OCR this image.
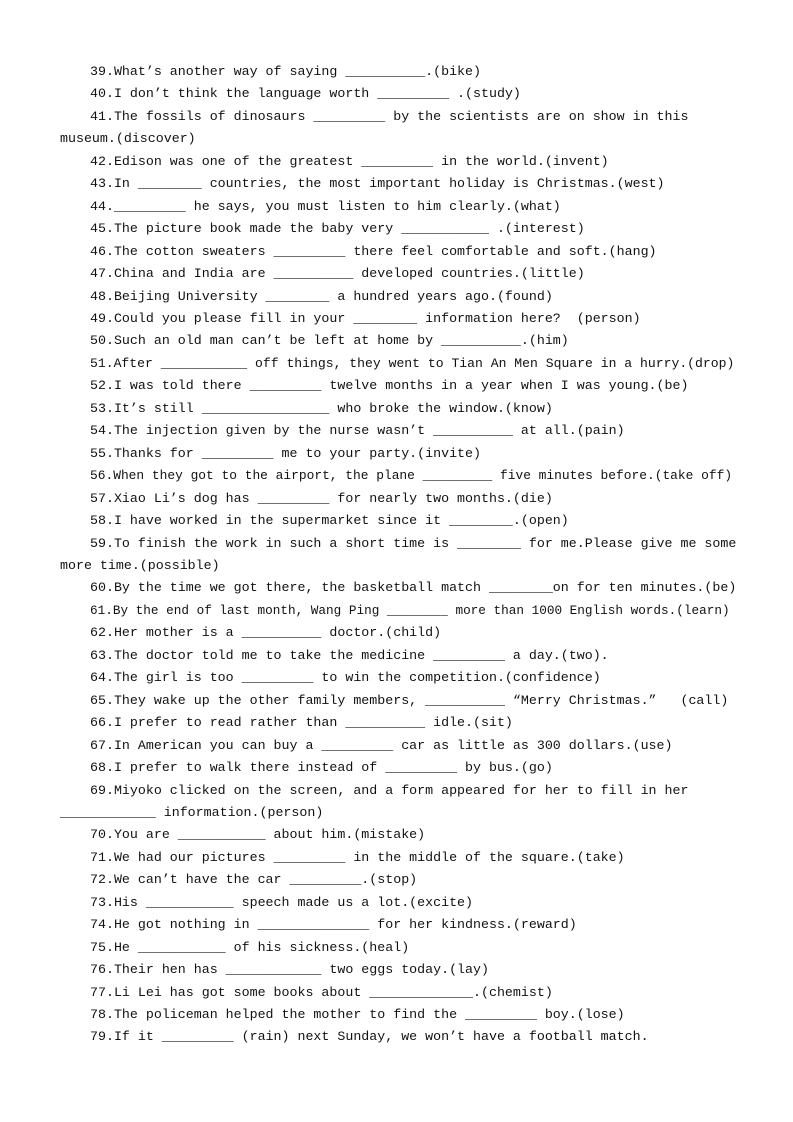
39.What’s another way of saying __________.(bike)

40.I don’t think the language worth _________ .(study)

41.The fossils of dinosaurs _________ by the scientists are on show in this

museum.(discover)

42.Edison was one of the greatest _________ in the world.(invent)

43.In ________ countries, the most important holiday is Christmas.(west)

44._________ he says, you must listen to him clearly.(what)

45.The picture book made the baby very ___________ .(interest)

46.The cotton sweaters _________ there feel comfortable and soft.(hang)

47.China and India are __________ developed countries.(little)

48.Beijing University ________ a hundred years ago.(found)

49.Could you please fill in your ________ information here?  (person)

50.Such an old man can’t be left at home by __________.(him)

51.After ___________ off things, they went to Tian An Men Square in a hurry.(drop)

52.I was told there _________ twelve months in a year when I was young.(be)

53.It’s still ________________ who broke the window.(know)

54.The injection given by the nurse wasn’t __________ at all.(pain)

55.Thanks for _________ me to your party.(invite)

56.When they got to the airport, the plane _________ five minutes before.(take off)

57.Xiao Li’s dog has _________ for nearly two months.(die)

58.I have worked in the supermarket since it ________.(open)

59.To finish the work in such a short time is ________ for me.Please give me some

more time.(possible)

60.By the time we got there, the basketball match ________on for ten minutes.(be)

61.By the end of last month, Wang Ping ________ more than 1000 English words.(learn)

62.Her mother is a __________ doctor.(child)

63.The doctor told me to take the medicine _________ a day.(two).

64.The girl is too _________ to win the competition.(confidence)

65.They wake up the other family members, __________ “Merry Christmas.”   (call)

66.I prefer to read rather than __________ idle.(sit)

67.In American you can buy a _________ car as little as 300 dollars.(use)

68.I prefer to walk there instead of _________ by bus.(go)

69.Miyoko clicked on the screen, and a form appeared for her to fill in her

____________ information.(person)

70.You are ___________ about him.(mistake)

71.We had our pictures _________ in the middle of the square.(take)

72.We can’t have the car _________.(stop)

73.His ___________ speech made us a lot.(excite)

74.He got nothing in ______________ for her kindness.(reward)

75.He ___________ of his sickness.(heal)

76.Their hen has ____________ two eggs today.(lay)

77.Li Lei has got some books about _____________.(chemist)

78.The policeman helped the mother to find the _________ boy.(lose)

79.If it _________ (rain) next Sunday, we won’t have a football match.
